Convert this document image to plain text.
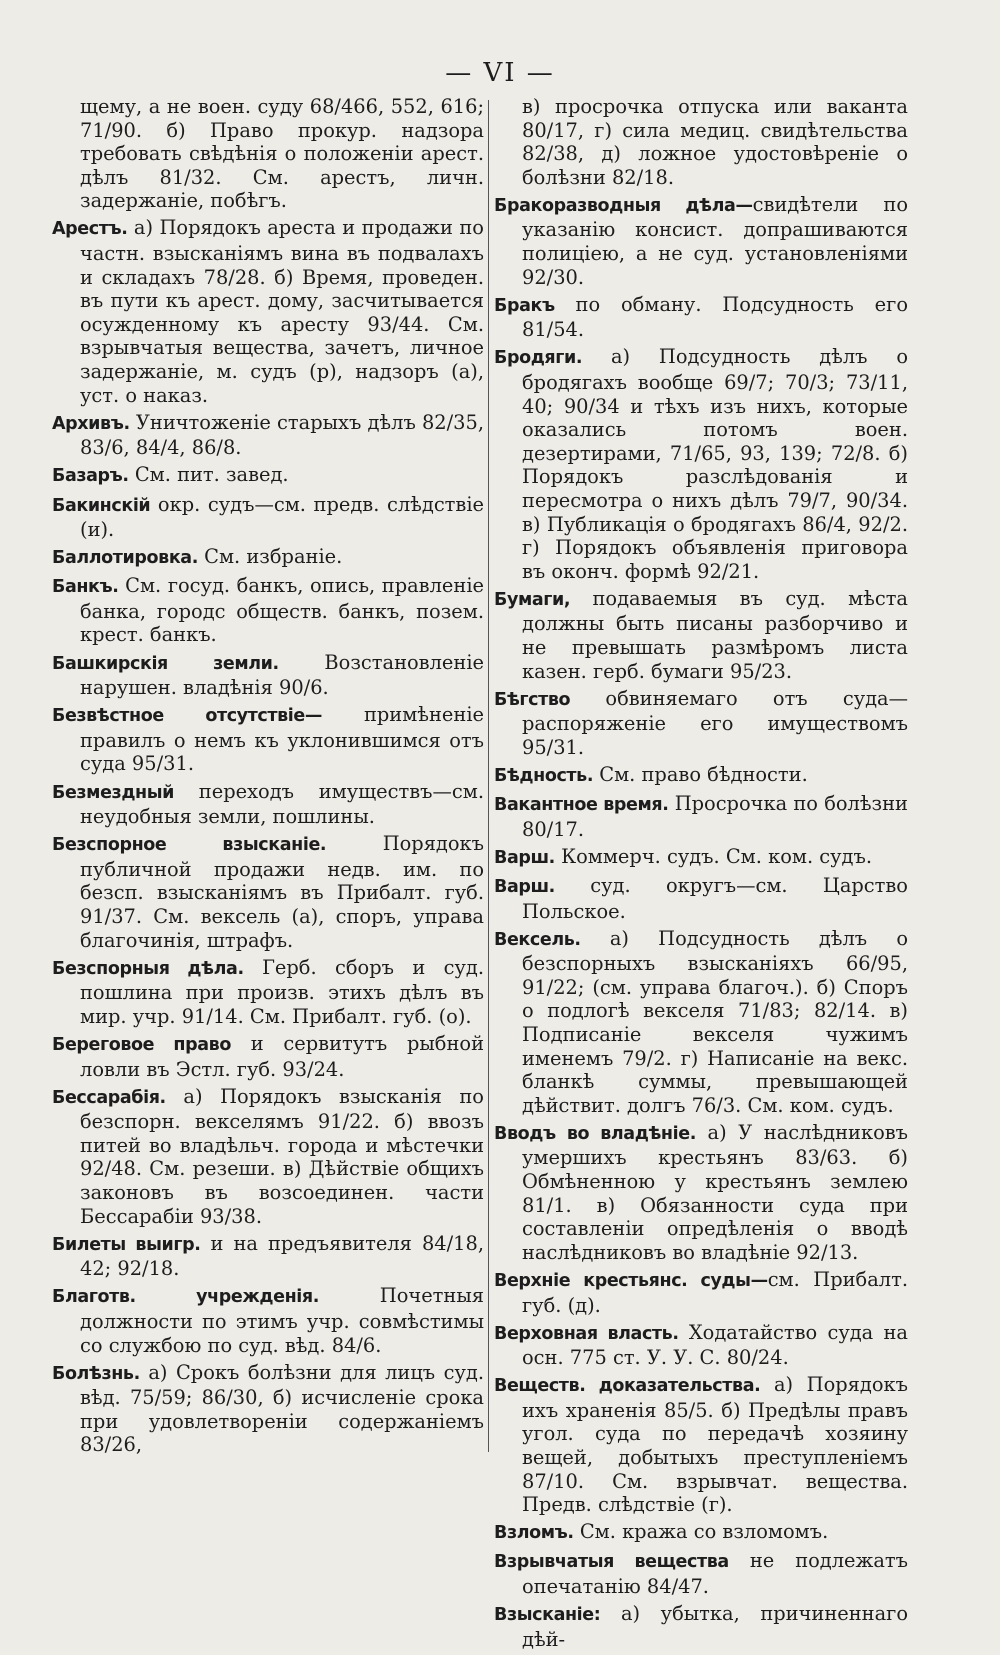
— VI —

щему, а не воен. суду 68/466, 552, 616; 71/90. б) Право прокур. надзора требовать свѣдѣнія о положеніи арест. дѣлъ 81/32. См. арестъ, личн. задержаніе, побѣгъ.

Арестъ. а) Порядокъ ареста и продажи по частн. взысканіямъ вина въ подвалахъ и складахъ 78/28. б) Время, проведен. въ пути къ арест. дому, засчитывается осужденному къ аресту 93/44. См. взрывчатыя вещества, зачетъ, личное задержаніе, м. судъ (р), надзоръ (а), уст. о наказ.

Архивъ. Уничтоженіе старыхъ дѣлъ 82/35, 83/6, 84/4, 86/8.

Базаръ. См. пит. завед.

Бакинскій окр. судъ—см. предв. слѣдствіе (и).

Баллотировка. См. избраніе.

Банкъ. См. госуд. банкъ, опись, правленіе банка, городс обществ. банкъ, позем. крест. банкъ.

Башкирскія земли. Возстановленіе нарушен. владѣнія 90/6.

Безвѣстное отсутствіе— примѣненіе правилъ о немъ къ уклонившимся отъ суда 95/31.

Безмездный переходъ имуществъ—см. неудобныя земли, пошлины.

Безспорное взысканіе. Порядокъ публичной продажи недв. им. по безсп. взысканіямъ въ Прибалт. губ. 91/37. См. вексель (а), споръ, управа благочинія, штрафъ.

Безспорныя дѣла. Герб. сборъ и суд. пошлина при произв. этихъ дѣлъ въ мир. учр. 91/14. См. Прибалт. губ. (о).

Береговое право и сервитутъ рыбной ловли въ Эстл. губ. 93/24.

Бессарабія. а) Порядокъ взысканія по безспорн. векселямъ 91/22. б) ввозъ питей во владѣльч. города и мѣстечки 92/48. См. резеши. в) Дѣйствіе общихъ законовъ въ возсоединен. части Бессарабіи 93/38.

Билеты выигр. и на предъявителя 84/18, 42; 92/18.

Благотв. учрежденія. Почетныя должности по этимъ учр. совмѣстимы со службою по суд. вѣд. 84/6.

Болѣзнь. а) Срокъ болѣзни для лицъ суд. вѣд. 75/59; 86/30, б) исчисленіе срока при удовлетвореніи содержаніемъ 83/26,

в) просрочка отпуска или вакантa 80/17, г) сила медиц. свидѣтельства 82/38, д) ложное удостовѣреніе о болѣзни 82/18.

Бракоразводныя дѣла—свидѣтели по указанію консист. допрашиваются полиціею, а не суд. установленіями 92/30.

Бракъ по обману. Подсудность его 81/54.

Бродяги. а) Подсудность дѣлъ о бродягахъ вообще 69/7; 70/3; 73/11, 40; 90/34 и тѣхъ изъ нихъ, которые оказались потомъ воен. дезертирами, 71/65, 93, 139; 72/8. б) Порядокъ разслѣдованія и пересмотра о нихъ дѣлъ 79/7, 90/34. в) Публикація о бродягахъ 86/4, 92/2. г) Порядокъ объявленія приговора въ оконч. формѣ 92/21.

Бумаги, подаваемыя въ суд. мѣста должны быть писаны разборчиво и не превышать размѣромъ листа казен. герб. бумаги 95/23.

Бѣгство обвиняемаго отъ суда—распоряженіе его имуществомъ 95/31.

Бѣдность. См. право бѣдности.

Вакантное время. Просрочка по болѣзни 80/17.

Варш. Коммерч. судъ. См. ком. судъ.

Варш. суд. округъ—см. Царство Польское.

Вексель. а) Подсудность дѣлъ о безспорныхъ взысканіяхъ 66/95, 91/22; (см. управа благоч.). б) Споръ о подлогѣ векселя 71/83; 82/14. в) Подписаніе векселя чужимъ именемъ 79/2. г) Написаніе на векс. бланкѣ суммы, превышающей дѣйствит. долгъ 76/3. См. ком. судъ.

Вводъ во владѣніе. а) У наслѣдниковъ умершихъ крестьянъ 83/63. б) Обмѣненною у крестьянъ землею 81/1. в) Обязанности суда при составленіи опредѣленія о вводѣ наслѣдниковъ во владѣніе 92/13.

Верхніе крестьянс. суды—см. Прибалт. губ. (д).

Верховная власть. Ходатайство суда на осн. 775 ст. У. У. С. 80/24.

Веществ. доказательства. а) Порядокъ ихъ храненія 85/5. б) Предѣлы правъ угол. суда по передачѣ хозяину вещей, добытыхъ преступленіемъ 87/10. См. взрывчат. вещества. Предв. слѣдствіе (г).

Взломъ. См. кража со взломомъ.

Взрывчатыя вещества не подлежатъ опечатанію 84/47.

Взысканіе: а) убытка, причиненнаго дѣй-
